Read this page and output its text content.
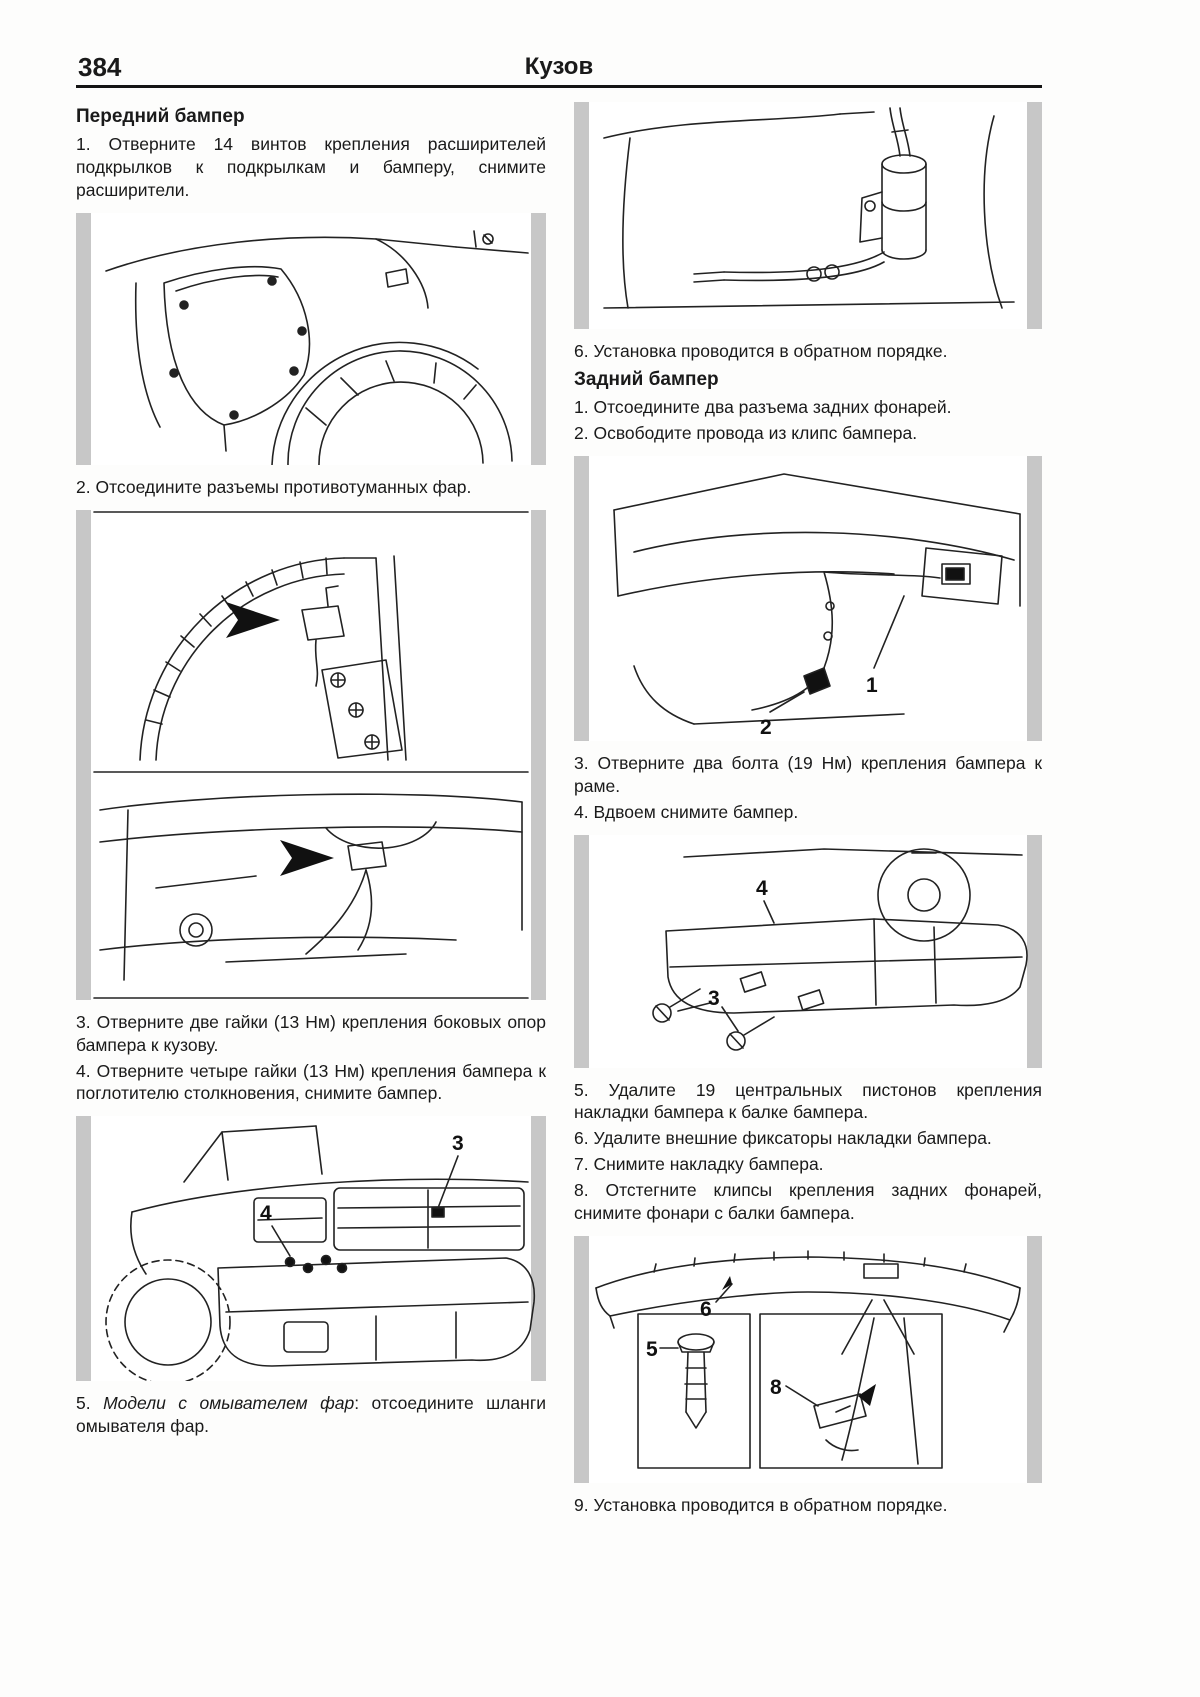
384	Кузов
Передний бампер

1. Отверните 14 винтов крепления расширителей подкрылков к подкрылкам и бамперу, снимите расширители.

2. Отсоедините разъемы противотуманных фар.

3. Отверните две гайки (13 Нм) крепления боковых опор бампера к кузову.

4. Отверните четыре гайки (13 Нм) крепления бампера к поглотителю столкновения, снимите бампер.

3
4

5. Модели с омывателем фар: отсоедините шланги омывателя фар.

6. Установка проводится в обратном порядке.

Задний бампер

1. Отсоедините два разъема задних фонарей.

2. Освободите провода из клипс бампера.

1
2

3. Отверните два болта (19 Нм) крепления бампера к раме.

4. Вдвоем снимите бампер.

4
3

5. Удалите 19 центральных пистонов крепления накладки бампера к балке бампера.

6. Удалите внешние фиксаторы накладки бампера.

7. Снимите накладку бампера.

8. Отстегните клипсы крепления задних фонарей, снимите фонари с балки бампера.

6
5
8

9. Установка проводится в обратном порядке.
